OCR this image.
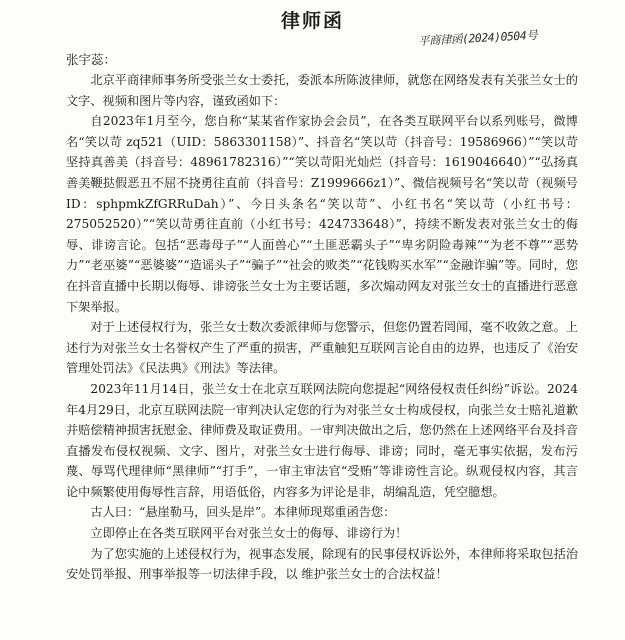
律师函
平商律函(2024)0504号
张宇蕊：

北京平商律师事务所受张兰女士委托，委派本所陈波律师，就您在网络发表有关张兰女士的文字、视频和图片等内容，谨致函如下：

自2023年1月至今，您自称“某某省作家协会会员”，在各类互联网平台以系列账号，微博名“笑以苛 zq521（UID：5863301158）”、抖音名“笑以苛（抖音号：19586966）”“笑以苛坚持真善美（抖音号：48961782316）”“笑以苛阳光灿烂（抖音号：1619046640）”“弘扬真善美鞭挞假恶丑不屈不挠勇往直前（抖音号：Z1999666z1）”、微信视频号名“笑以苛（视频号 ID：sphpmkZfGRRuDah）”、今日头条名“笑以苛”、小红书名“笑以苛（小红书号：275052520）”“笑以苛勇往直前（小红书号：424733648）”，持续不断发表对张兰女士的侮辱、诽谤言论。包括“恶毒母子”“人面兽心”“土匪恶霸头子”“卑劣阴险毒辣”“为老不尊”“恶势力”“老巫婆”“恶婆婆”“造谣头子”“骗子”“社会的败类”“花钱购买水军”“金融诈骗”等。同时，您在抖音直播中长期以侮辱、诽谤张兰女士为主要话题，多次煽动网友对张兰女士的直播进行恶意下架举报。

对于上述侵权行为，张兰女士数次委派律师与您警示，但您仍置若罔闻，毫不收敛之意。上述行为对张兰女士名誉权产生了严重的损害，严重触犯互联网言论自由的边界，也违反了《治安管理处罚法》《民法典》《刑法》等法律。

2023年11月14日，张兰女士在北京互联网法院向您提起“网络侵权责任纠纷”诉讼。2024年4月29日，北京互联网法院一审判决认定您的行为对张兰女士构成侵权，向张兰女士赔礼道歉并赔偿精神损害抚慰金、律师费及取证费用。一审判决做出之后，您仍然在上述网络平台及抖音直播发布侵权视频、文字、图片，对张兰女士进行侮辱、诽谤；同时，毫无事实依据，发布污蔑、辱骂代理律师“黑律师”“打手”，一审主审法官“受贿”等诽谤性言论。纵观侵权内容，其言论中频繁使用侮辱性言辞，用语低俗，内容多为评论是非，胡编乱造，凭空臆想。

古人曰：“悬崖勒马，回头是岸”。本律师现郑重函告您：

立即停止在各类互联网平台对张兰女士的侮辱、诽谤行为！

为了您实施的上述侵权行为，视事态发展，除现有的民事侵权诉讼外，本律师将采取包括治安处罚举报、刑事举报等一切法律手段，以 维护张兰女士的合法权益！
